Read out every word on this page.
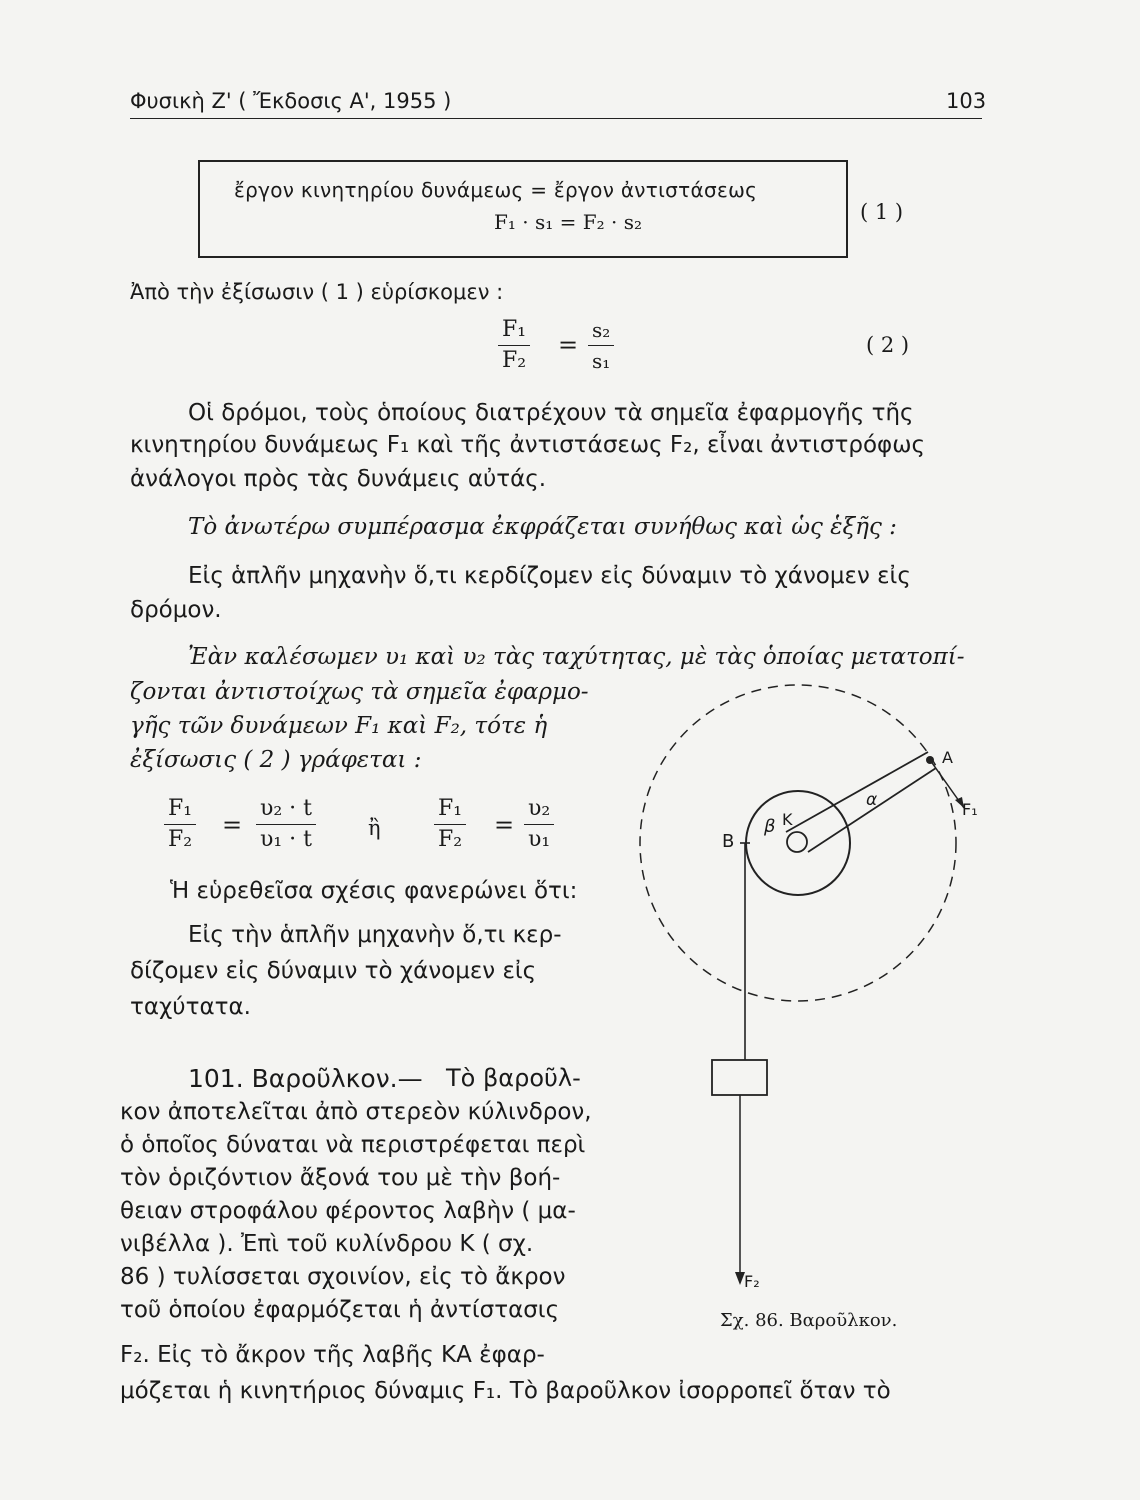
Φυσικὴ Ζ' ( Ἔκδοσις Α', 1955 )	103
ἔργον κινητηρίου δυνάμεως = ἔργον ἀντιστάσεως
F₁ · s₁ = F₂ · s₂	( 1 )
Ἀπὸ τὴν ἐξίσωσιν ( 1 ) εὑρίσκομεν :
F₁
F₂
=
s₂
s₁
( 2 )
Οἱ δρόμοι, τοὺς ὁποίους διατρέχουν τὰ σημεῖα ἐφαρμογῆς τῆς
κινητηρίου δυνάμεως F₁ καὶ τῆς ἀντιστάσεως F₂, εἶναι ἀντιστρόφως
ἀνάλογοι πρὸς τὰς δυνάμεις αὐτάς.
Τὸ ἀνωτέρω συμπέρασμα ἐκφράζεται συνήθως καὶ ὡς ἑξῆς :
Εἰς ἁπλῆν μηχανὴν ὅ,τι κερδίζομεν εἰς δύναμιν τὸ χάνομεν εἰς
δρόμον.
Ἐὰν καλέσωμεν υ₁ καὶ υ₂ τὰς ταχύτητας, μὲ τὰς ὁποίας μετατοπί-
ζονται ἀντιστοίχως τὰ σημεῖα ἐφαρμο-
γῆς τῶν δυνάμεων F₁ καὶ F₂, τότε ἡ
ἐξίσωσις ( 2 ) γράφεται :
F₁
F₂
=
υ₂ · t
υ₁ · t	ἢ
F₁
F₂
=
υ₂
υ₁
Ἡ εὑρεθεῖσα σχέσις φανερώνει ὅτι:
Εἰς τὴν ἁπλῆν μηχανὴν ὅ,τι κερ-
δίζομεν εἰς δύναμιν τὸ χάνομεν εἰς
ταχύτατα.
101. Βαροῦλκον.— Τὸ βαροῦλ-
κον ἀποτελεῖται ἀπὸ στερεὸν κύλινδρον,
ὁ ὁποῖος δύναται νὰ περιστρέφεται περὶ
τὸν ὁριζόντιον ἄξονά του μὲ τὴν βοή-
θειαν στροφάλου φέροντος λαβὴν ( μα-
νιβέλλα ). Ἐπὶ τοῦ κυλίνδρου Κ ( σχ.
86 ) τυλίσσεται σχοινίον, εἰς τὸ ἄκρον
τοῦ ὁποίου ἐφαρμόζεται ἡ ἀντίστασις
F₂. Εἰς τὸ ἄκρον τῆς λαβῆς ΚΑ ἐφαρ-
μόζεται ἡ κινητήριος δύναμις F₁. Τὸ βαροῦλκον ἰσορροπεῖ ὅταν τὸ
A
F₁
B
β K
α
F₂
Σχ. 86. Βαροῦλκον.
